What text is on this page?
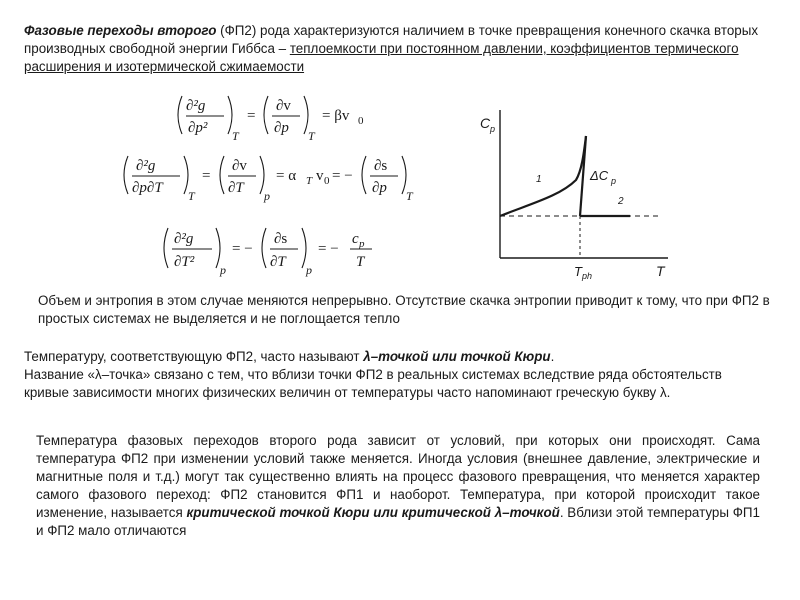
Фазовые переходы второго (ФП2) рода характеризуются наличием в точке превращения конечного скачка вторых производных свободной энергии Гиббса – теплоемкости при постоянном давлении, коэффициентов термического расширения и изотермической сжимаемости
∂²g
∂p² T
=
∂v
∂p T
= βv 0
∂²g
∂p∂T T
=
∂v
∂T p
= α T v 0 = −
∂s
∂p T
∂²g
∂T² p
= −
∂s
∂T p
= −
c p
T
C p
T
T ph
1
2
ΔC p
Объем и энтропия в этом случае меняются непрерывно. Отсутствие скачка энтропии приводит к тому, что при ФП2 в простых системах не выделяется и не поглощается тепло
Температуру, соответствующую ФП2, часто называют λ–точкой или точкой Кюри.
Название «λ–точка» связано с тем, что вблизи точки ФП2 в реальных системах вследствие ряда обстоятельств кривые зависимости многих физических величин от температуры часто напоминают греческую букву λ.
Температура фазовых переходов второго рода зависит от условий, при которых они происходят. Сама температура ФП2 при изменении условий также меняется. Иногда условия (внешнее давление, электрические и магнитные поля и т.д.) могут так существенно влиять на процесс фазового превращения, что меняется характер самого фазового переход: ФП2 становится ФП1 и наоборот. Температура, при которой происходит такое изменение, называется критической точкой Кюри или критической λ–точкой. Вблизи этой температуры ФП1 и ФП2 мало отличаются
